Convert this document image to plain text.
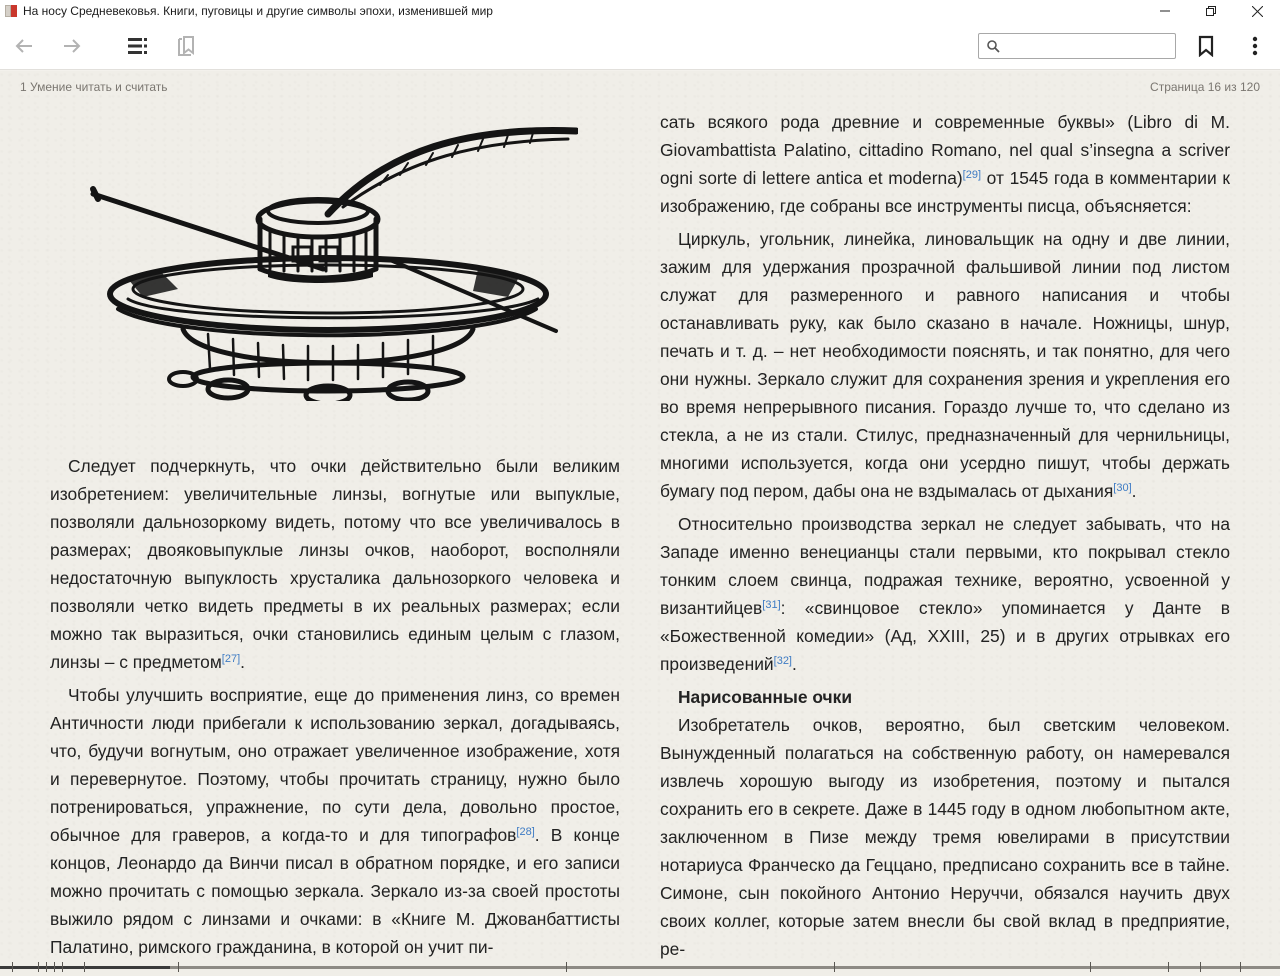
На носу Средневековья. Книги, пуговицы и другие символы эпохи, изменившей мир
1 Умение читать и считать	Страница 16 из 120

Следует подчеркнуть, что очки действительно были великим изобретением: увеличительные линзы, вогнутые или выпуклые, позволяли дальнозоркому видеть, потому что все увеличивалось в размерах; двояковыпуклые линзы очков, наоборот, восполняли недостаточную выпуклость хрусталика дальнозоркого человека и позволяли четко видеть предметы в их реальных размерах; если можно так выразиться, очки становились единым целым с глазом, линзы – с предметом[27].

Чтобы улучшить восприятие, еще до применения линз, со времен Античности люди прибегали к использованию зеркал, догадываясь, что, будучи вогнутым, оно отражает увеличенное изображение, хотя и перевернутое. Поэтому, чтобы прочитать страницу, нужно было потренироваться, упражнение, по сути дела, довольно простое, обычное для граверов, а когда-то и для типографов[28]. В конце концов, Леонардо да Винчи писал в обратном порядке, и его записи можно прочитать с помощью зеркала. Зеркало из-за своей простоты выжило рядом с линзами и очками: в «Книге М. Джованбаттисты Палатино, римского гражданина, в которой он учит пи-

сать всякого рода древние и современные буквы» (Libro di M. Giovambattista Palatino, cittadino Romano, nel qual s’insegna a scriver ogni sorte di lettere antica et moderna)[29] от 1545 года в комментарии к изображению, где собраны все инструменты писца, объясняется:

Циркуль, угольник, линейка, линовальщик на одну и две линии, зажим для удержания прозрачной фальшивой линии под листом служат для размеренного и равного написания и чтобы останавливать руку, как было сказано в начале. Ножницы, шнур, печать и т. д. – нет необходимости пояснять, и так понятно, для чего они нужны. Зеркало служит для сохранения зрения и укрепления его во время непрерывного писания. Гораздо лучше то, что сделано из стекла, а не из стали. Стилус, предназначенный для чернильницы, многими используется, когда они усердно пишут, чтобы держать бумагу под пером, дабы она не вздымалась от дыхания[30].

Относительно производства зеркал не следует забывать, что на Западе именно венецианцы стали первыми, кто покрывал стекло тонким слоем свинца, подражая технике, вероятно, усвоенной у византийцев[31]: «свинцовое стекло» упоминается у Данте в «Божественной комедии» (Ад, XXIII, 25) и в других отрывках его произведений[32].

Нарисованные очки

Изобретатель очков, вероятно, был светским человеком. Вынужденный полагаться на собственную работу, он намеревался извлечь хорошую выгоду из изобретения, поэтому и пытался сохранить его в секрете. Даже в 1445 году в одном любопытном акте, заключенном в Пизе между тремя ювелирами в присутствии нотариуса Франческо да Геццано, предписано сохранить все в тайне. Симоне, сын покойного Антонио Неруччи, обязался научить двух своих коллег, которые затем внесли бы свой вклад в предприятие, ре-
